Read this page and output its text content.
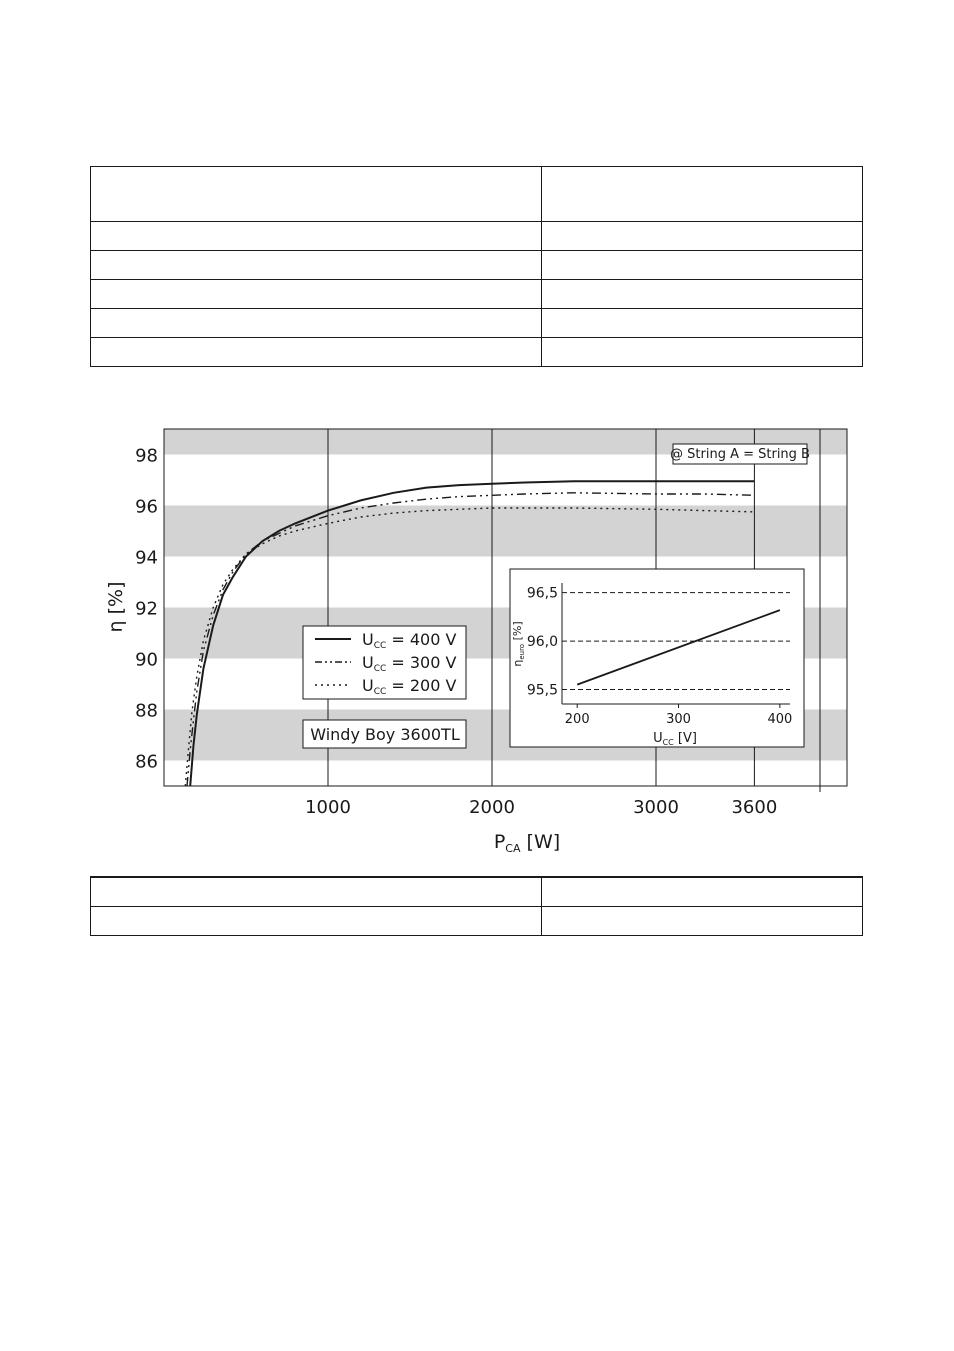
86
88
90
92
94
96
98
1000	2000	3000	3600
η [%]
$P_{CA}$ [W]
@ String A = String B
UCC = 400 V
UCC = 300 V
UCC = 200 V
Windy Boy 3600TL
95,5
96,0
96,5
200	300	400
$\eta_{euro}$ [%]
$U_{CC}$ [V]
